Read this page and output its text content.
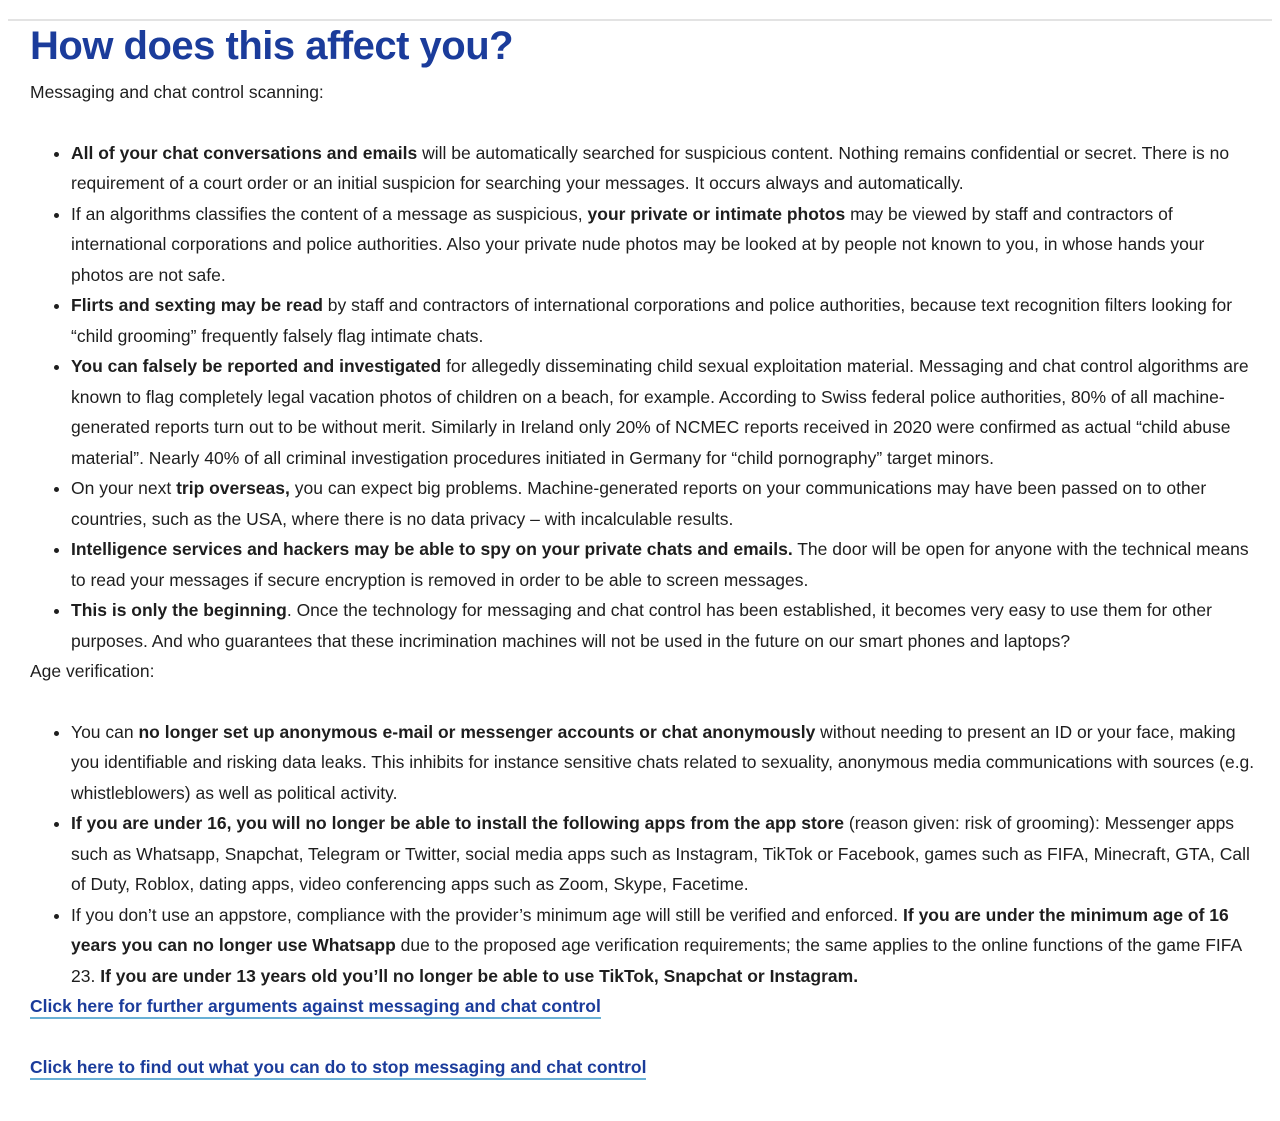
How does this affect you?

Messaging and chat control scanning:

• All of your chat conversations and emails will be automatically searched for suspicious content. Nothing remains confidential or secret. There is no requirement of a court order or an initial suspicion for searching your messages. It occurs always and automatically.
• If an algorithms classifies the content of a message as suspicious, your private or intimate photos may be viewed by staff and contractors of international corporations and police authorities. Also your private nude photos may be looked at by people not known to you, in whose hands your photos are not safe.
• Flirts and sexting may be read by staff and contractors of international corporations and police authorities, because text recognition filters looking for “child grooming” frequently falsely flag intimate chats.
• You can falsely be reported and investigated for allegedly disseminating child sexual exploitation material. Messaging and chat control algorithms are known to flag completely legal vacation photos of children on a beach, for example. According to Swiss federal police authorities, 80% of all machine-generated reports turn out to be without merit. Similarly in Ireland only 20% of NCMEC reports received in 2020 were confirmed as actual “child abuse material”. Nearly 40% of all criminal investigation procedures initiated in Germany for “child pornography” target minors.
• On your next trip overseas, you can expect big problems. Machine-generated reports on your communications may have been passed on to other countries, such as the USA, where there is no data privacy – with incalculable results.
• Intelligence services and hackers may be able to spy on your private chats and emails. The door will be open for anyone with the technical means to read your messages if secure encryption is removed in order to be able to screen messages.
• This is only the beginning. Once the technology for messaging and chat control has been established, it becomes very easy to use them for other purposes. And who guarantees that these incrimination machines will not be used in the future on our smart phones and laptops?

Age verification:

• You can no longer set up anonymous e-mail or messenger accounts or chat anonymously without needing to present an ID or your face, making you identifiable and risking data leaks. This inhibits for instance sensitive chats related to sexuality, anonymous media communications with sources (e.g. whistleblowers) as well as political activity.
• If you are under 16, you will no longer be able to install the following apps from the app store (reason given: risk of grooming): Messenger apps such as Whatsapp, Snapchat, Telegram or Twitter, social media apps such as Instagram, TikTok or Facebook, games such as FIFA, Minecraft, GTA, Call of Duty, Roblox, dating apps, video conferencing apps such as Zoom, Skype, Facetime.
• If you don’t use an appstore, compliance with the provider’s minimum age will still be verified and enforced. If you are under the minimum age of 16 years you can no longer use Whatsapp due to the proposed age verification requirements; the same applies to the online functions of the game FIFA 23. If you are under 13 years old you’ll no longer be able to use TikTok, Snapchat or Instagram.

Click here for further arguments against messaging and chat control

Click here to find out what you can do to stop messaging and chat control
